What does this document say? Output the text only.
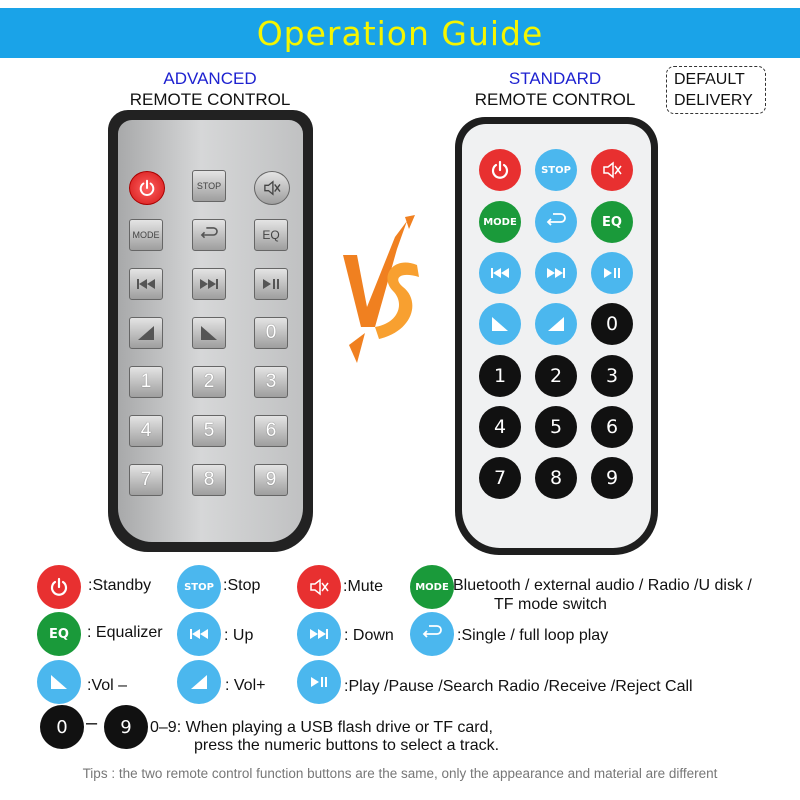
Operation Guide
ADVANCED
REMOTE CONTROL
STANDARD
REMOTE CONTROL
DEFAULT
DELIVERY
STOP
MODE	EQ
0
1	2	3
4	5	6
7	8	9
STOP
MODE	EQ
0
1	2	3
4	5	6
7	8	9
:Standby	STOP :Stop	:Mute	MODE Bluetooth / external audio / Radio /U disk /
TF mode switch
EQ	: Equalizer	: Up	: Down	:Single / full loop play
:Vol –	: Vol+	:Play /Pause /Search Radio /Receive /Reject Call
0 –	9	0–9: When playing a USB flash drive or TF card,
press the numeric buttons to select a track.
Tips : the two remote control function buttons are the same, only the appearance and material are different
